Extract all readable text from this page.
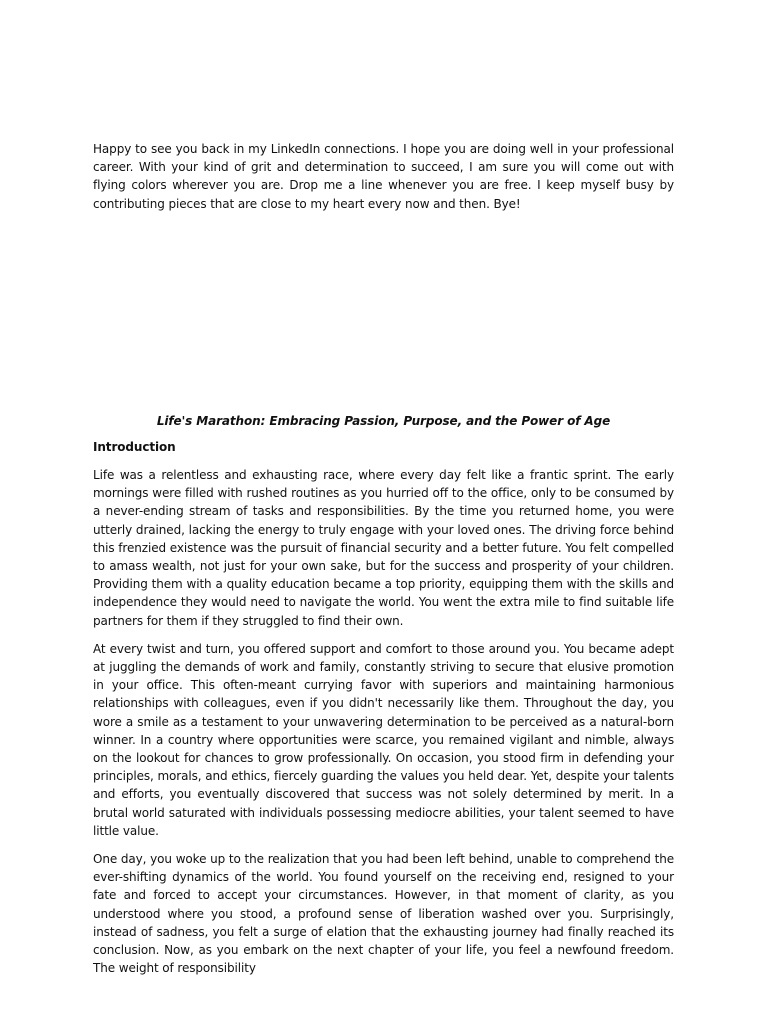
Happy to see you back in my LinkedIn connections. I hope you are doing well in your professional career. With your kind of grit and determination to succeed, I am sure you will come out with flying colors wherever you are. Drop me a line whenever you are free. I keep myself busy by contributing pieces that are close to my heart every now and then. Bye!

Life's Marathon: Embracing Passion, Purpose, and the Power of Age
Introduction

Life was a relentless and exhausting race, where every day felt like a frantic sprint. The early mornings were filled with rushed routines as you hurried off to the office, only to be consumed by a never-ending stream of tasks and responsibilities. By the time you returned home, you were utterly drained, lacking the energy to truly engage with your loved ones. The driving force behind this frenzied existence was the pursuit of financial security and a better future. You felt compelled to amass wealth, not just for your own sake, but for the success and prosperity of your children. Providing them with a quality education became a top priority, equipping them with the skills and independence they would need to navigate the world. You went the extra mile to find suitable life partners for them if they struggled to find their own.

At every twist and turn, you offered support and comfort to those around you. You became adept at juggling the demands of work and family, constantly striving to secure that elusive promotion in your office. This often-meant currying favor with superiors and maintaining harmonious relationships with colleagues, even if you didn't necessarily like them. Throughout the day, you wore a smile as a testament to your unwavering determination to be perceived as a natural-born winner. In a country where opportunities were scarce, you remained vigilant and nimble, always on the lookout for chances to grow professionally. On occasion, you stood firm in defending your principles, morals, and ethics, fiercely guarding the values you held dear. Yet, despite your talents and efforts, you eventually discovered that success was not solely determined by merit. In a brutal world saturated with individuals possessing mediocre abilities, your talent seemed to have little value.

One day, you woke up to the realization that you had been left behind, unable to comprehend the ever-shifting dynamics of the world. You found yourself on the receiving end, resigned to your fate and forced to accept your circumstances. However, in that moment of clarity, as you understood where you stood, a profound sense of liberation washed over you. Surprisingly, instead of sadness, you felt a surge of elation that the exhausting journey had finally reached its conclusion. Now, as you embark on the next chapter of your life, you feel a newfound freedom. The weight of responsibility
